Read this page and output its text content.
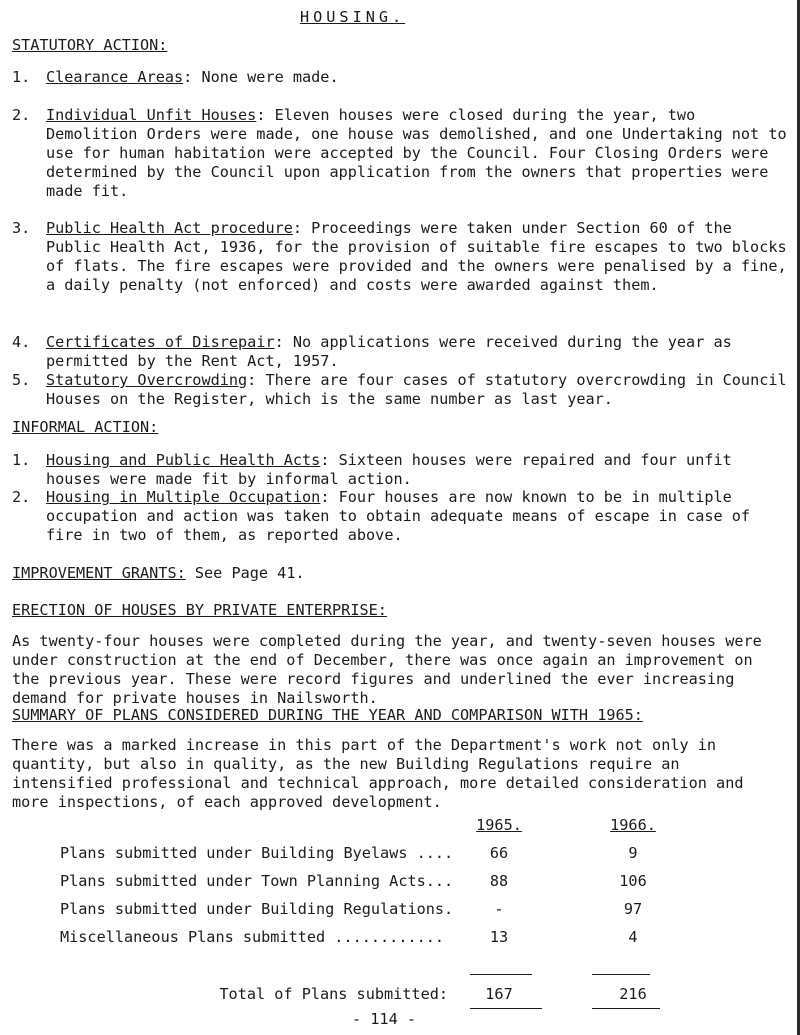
HOUSING.
STATUTORY ACTION:
1.	Clearance Areas: None were made.
2.	Individual Unfit Houses: Eleven houses were closed during the year, two Demolition Orders were made, one house was demolished, and one Undertaking not to use for human habitation were accepted by the Council. Four Closing Orders were determined by the Council upon application from the owners that properties were made fit.
3.	Public Health Act procedure: Proceedings were taken under Section 60 of the Public Health Act, 1936, for the provision of suitable fire escapes to two blocks of flats. The fire escapes were provided and the owners were penalised by a fine, a daily penalty (not enforced) and costs were awarded against them.
4.	Certificates of Disrepair: No applications were received during the year as permitted by the Rent Act, 1957.
5.	Statutory Overcrowding: There are four cases of statutory overcrowding in Council Houses on the Register, which is the same number as last year.
INFORMAL ACTION:
1.	Housing and Public Health Acts: Sixteen houses were repaired and four unfit houses were made fit by informal action.
2.	Housing in Multiple Occupation: Four houses are now known to be in multiple occupation and action was taken to obtain adequate means of escape in case of fire in two of them, as reported above.
IMPROVEMENT GRANTS: See Page 41.
ERECTION OF HOUSES BY PRIVATE ENTERPRISE:
As twenty-four houses were completed during the year, and twenty-seven houses were under construction at the end of December, there was once again an improvement on the previous year. These were record figures and underlined the ever increasing demand for private houses in Nailsworth.
SUMMARY OF PLANS CONSIDERED DURING THE YEAR AND COMPARISON WITH 1965:
There was a marked increase in this part of the Department's work not only in quantity, but also in quality, as the new Building Regulations require an intensified professional and technical approach, more detailed consideration and more inspections, of each approved development.
	1965.		1966.
Plans submitted under Building Byelaws ....	66		9
Plans submitted under Town Planning Acts...	88		106
Plans submitted under Building Regulations.	-		97
Miscellaneous Plans submitted ............	13		4
Total of Plans submitted:	167	216
- 114 -
